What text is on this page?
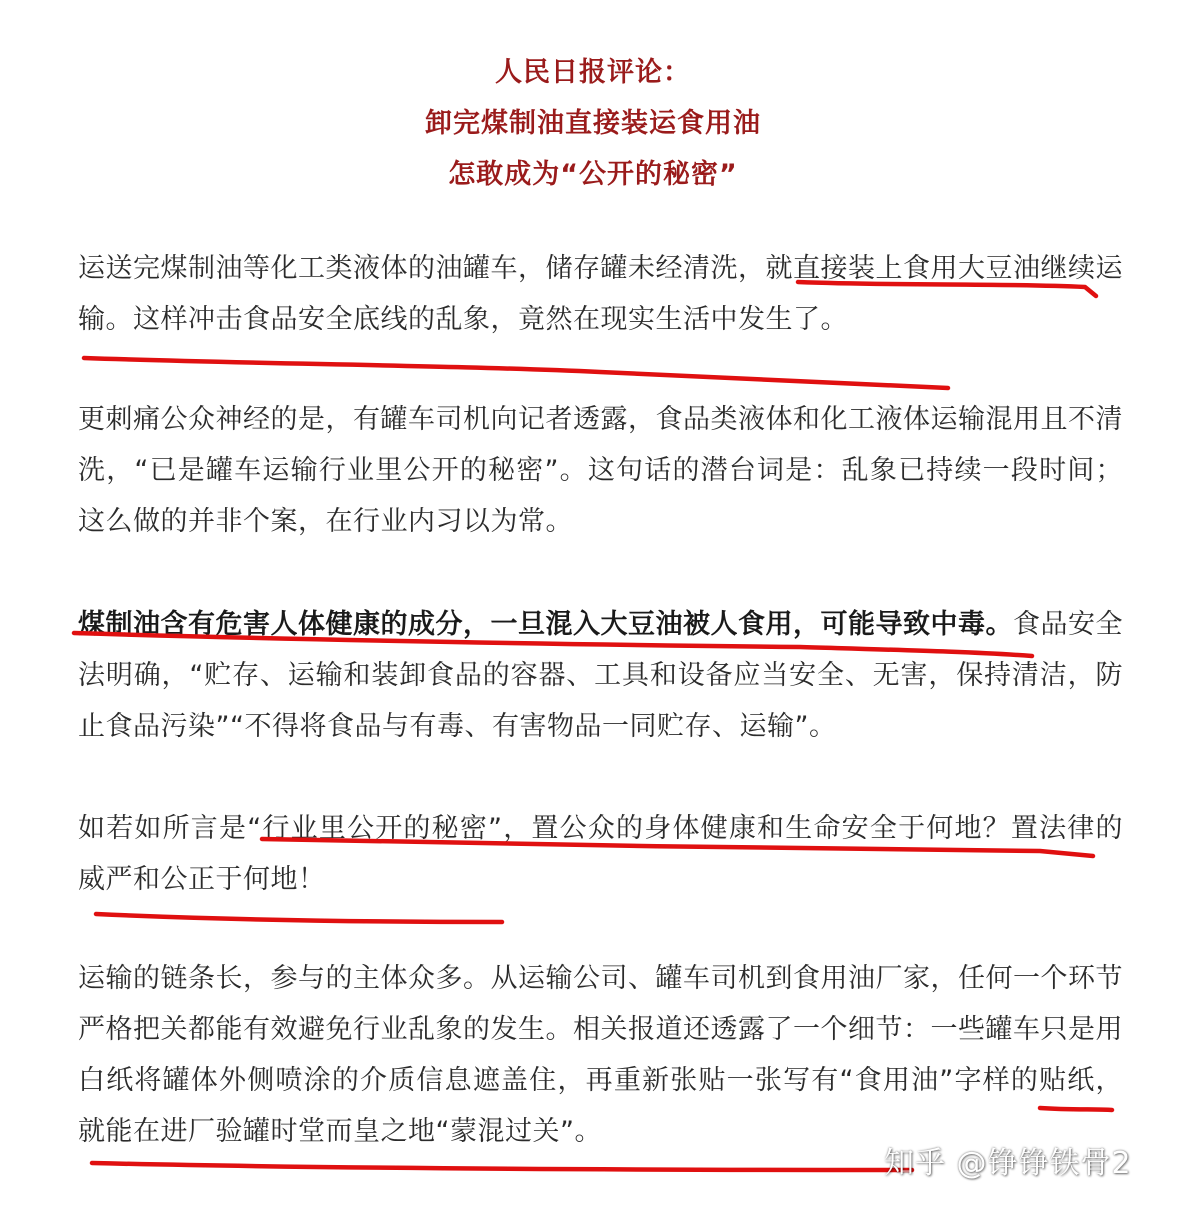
人民日报评论：
卸完煤制油直接装运食用油
怎敢成为“公开的秘密”
运送完煤制油等化工类液体的油罐车，储存罐未经清洗，就直接装上食用大豆油继续运输。这样冲击食品安全底线的乱象，竟然在现实生活中发生了。
更刺痛公众神经的是，有罐车司机向记者透露，食品类液体和化工液体运输混用且不清洗，“已是罐车运输行业里公开的秘密”。这句话的潜台词是：乱象已持续一段时间；这么做的并非个案，在行业内习以为常。
煤制油含有危害人体健康的成分，一旦混入大豆油被人食用，可能导致中毒。食品安全法明确，“贮存、运输和装卸食品的容器、工具和设备应当安全、无害，保持清洁，防止食品污染”“不得将食品与有毒、有害物品一同贮存、运输”。
如若如所言是“行业里公开的秘密”，置公众的身体健康和生命安全于何地？置法律的威严和公正于何地！
运输的链条长，参与的主体众多。从运输公司、罐车司机到食用油厂家，任何一个环节严格把关都能有效避免行业乱象的发生。相关报道还透露了一个细节：一些罐车只是用白纸将罐体外侧喷涂的介质信息遮盖住，再重新张贴一张写有“食用油”字样的贴纸，就能在进厂验罐时堂而皇之地“蒙混过关”。
知乎 @铮铮铁骨2
